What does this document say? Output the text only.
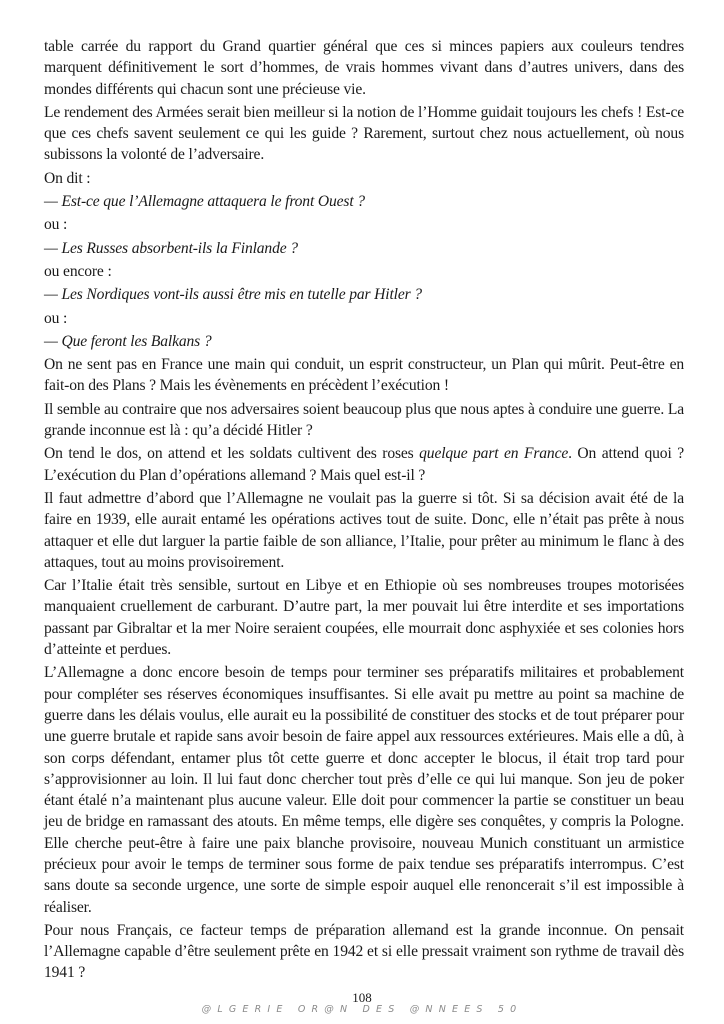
table carrée du rapport du Grand quartier général que ces si minces papiers aux couleurs tendres marquent définitivement le sort d’hommes, de vrais hommes vivant dans d’autres univers, dans des mondes différents qui chacun sont une précieuse vie.

Le rendement des Armées serait bien meilleur si la notion de l’Homme guidait toujours les chefs ! Est-ce que ces chefs savent seulement ce qui les guide ? Rarement, surtout chez nous actuellement, où nous subissons la volonté de l’adversaire.

On dit :

— Est-ce que l’Allemagne attaquera le front Ouest ?

ou :

— Les Russes absorbent-ils la Finlande ?

ou encore :

— Les Nordiques vont-ils aussi être mis en tutelle par Hitler ?

ou :

— Que feront les Balkans ?

On ne sent pas en France une main qui conduit, un esprit constructeur, un Plan qui mûrit. Peut-être en fait-on des Plans ? Mais les évènements en précèdent l’exécution !

Il semble au contraire que nos adversaires soient beaucoup plus que nous aptes à conduire une guerre. La grande inconnue est là : qu’a décidé Hitler ?

On tend le dos, on attend et les soldats cultivent des roses quelque part en France. On attend quoi ? L’exécution du Plan d’opérations allemand ? Mais quel est-il ?

Il faut admettre d’abord que l’Allemagne ne voulait pas la guerre si tôt. Si sa décision avait été de la faire en 1939, elle aurait entamé les opérations actives tout de suite. Donc, elle n’était pas prête à nous attaquer et elle dut larguer la partie faible de son alliance, l’Italie, pour prêter au minimum le flanc à des attaques, tout au moins provisoirement.

Car l’Italie était très sensible, surtout en Libye et en Ethiopie où ses nombreuses troupes motorisées manquaient cruellement de carburant. D’autre part, la mer pouvait lui être interdite et ses importations passant par Gibraltar et la mer Noire seraient coupées, elle mourrait donc asphyxiée et ses colonies hors d’atteinte et perdues.

L’Allemagne a donc encore besoin de temps pour terminer ses préparatifs militaires et probablement pour compléter ses réserves économiques insuffisantes. Si elle avait pu mettre au point sa machine de guerre dans les délais voulus, elle aurait eu la possibilité de constituer des stocks et de tout préparer pour une guerre brutale et rapide sans avoir besoin de faire appel aux ressources extérieures. Mais elle a dû, à son corps défendant, entamer plus tôt cette guerre et donc accepter le blocus, il était trop tard pour s’approvisionner au loin. Il lui faut donc chercher tout près d’elle ce qui lui manque. Son jeu de poker étant étalé n’a maintenant plus aucune valeur. Elle doit pour commencer la partie se constituer un beau jeu de bridge en ramassant des atouts. En même temps, elle digère ses conquêtes, y compris la Pologne. Elle cherche peut-être à faire une paix blanche provisoire, nouveau Munich constituant un armistice précieux pour avoir le temps de terminer sous forme de paix tendue ses préparatifs interrompus. C’est sans doute sa seconde urgence, une sorte de simple espoir auquel elle renoncerait s’il est impossible à réaliser.

Pour nous Français, ce facteur temps de préparation allemand est la grande inconnue. On pensait l’Allemagne capable d’être seulement prête en 1942 et si elle pressait vraiment son rythme de travail dès 1941 ?

108
@LGERIE OR@N DES @NNEES 50
